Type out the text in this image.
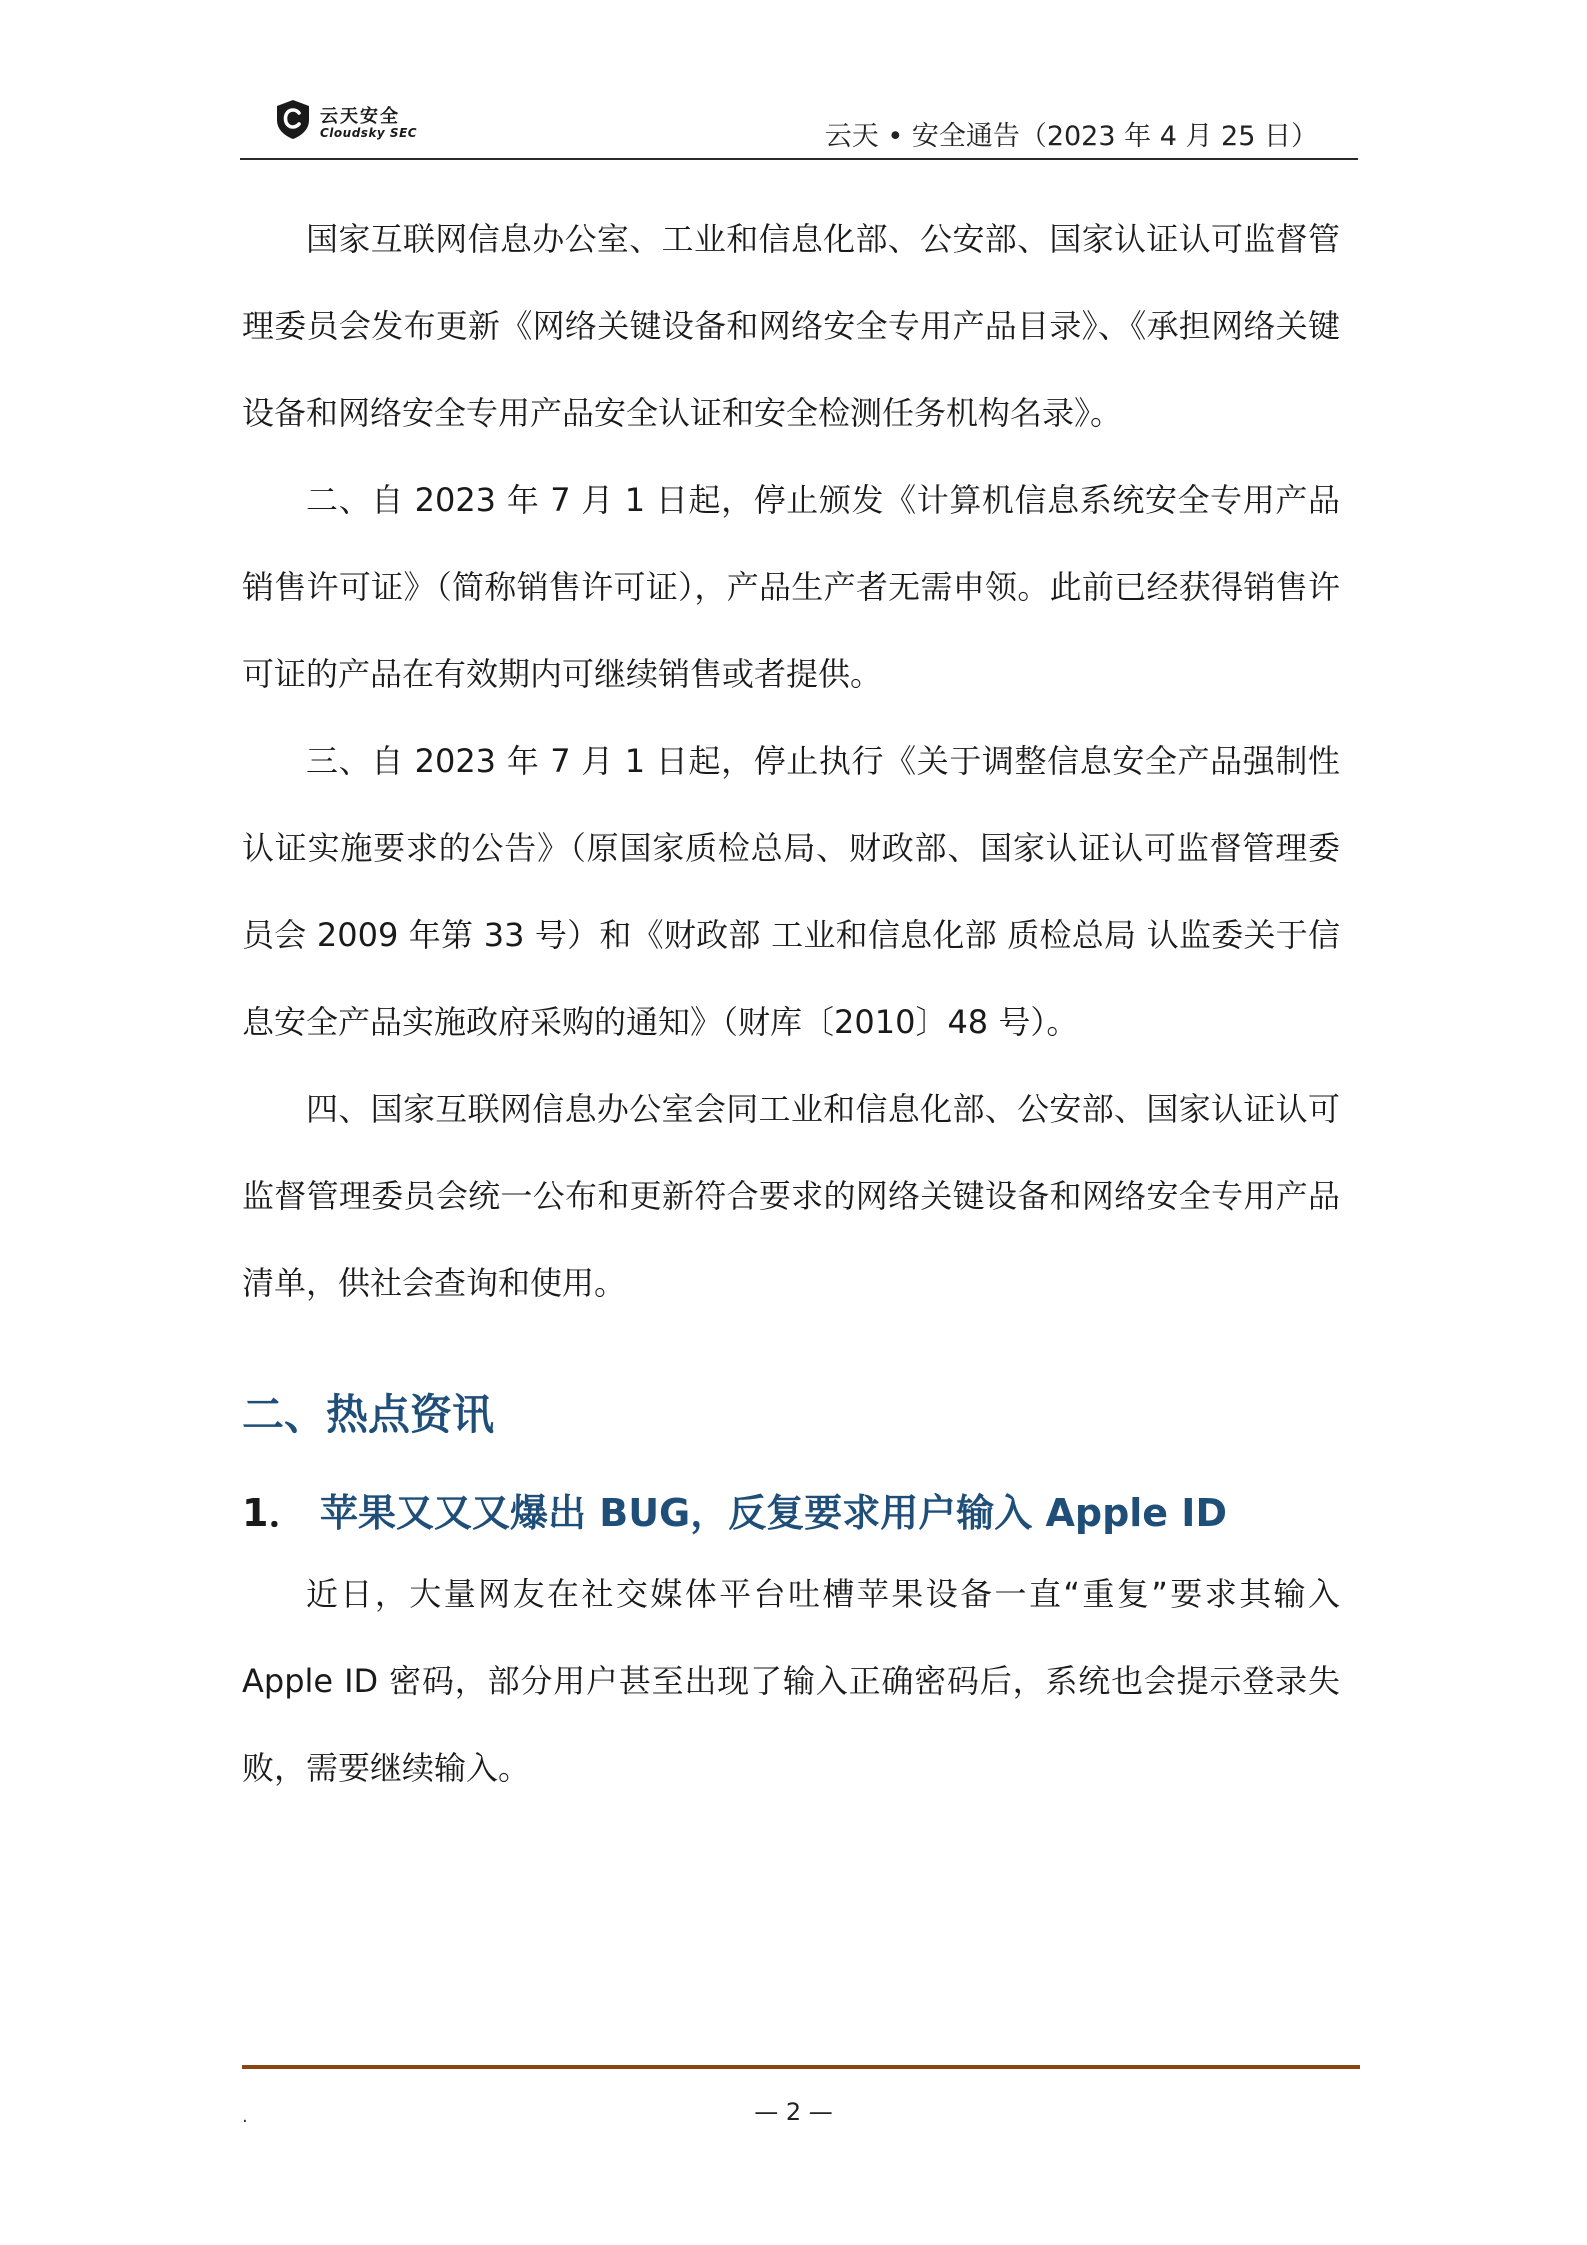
云天安全
Cloudsky SEC	云天 • 安全通告（2023 年 4 月 25 日）

国家互联网信息办公室、工业和信息化部、公安部、国家认证认可监督管理委员会发布更新《网络关键设备和网络安全专用产品目录》、《承担网络关键设备和网络安全专用产品安全认证和安全检测任务机构名录》。

二、自 2023 年 7 月 1 日起，停止颁发《计算机信息系统安全专用产品销售许可证》（简称销售许可证），产品生产者无需申领。此前已经获得销售许可证的产品在有效期内可继续销售或者提供。

三、自 2023 年 7 月 1 日起，停止执行《关于调整信息安全产品强制性认证实施要求的公告》（原国家质检总局、财政部、国家认证认可监督管理委员会 2009 年第 33 号）和《财政部 工业和信息化部 质检总局 认监委关于信息安全产品实施政府采购的通知》（财库〔2010〕48 号）。

四、国家互联网信息办公室会同工业和信息化部、公安部、国家认证认可监督管理委员会统一公布和更新符合要求的网络关键设备和网络安全专用产品清单，供社会查询和使用。

二、热点资讯
1． 苹果又又又爆出 BUG，反复要求用户输入 Apple ID

近日，大量网友在社交媒体平台吐槽苹果设备一直“重复”要求其输入 Apple ID 密码，部分用户甚至出现了输入正确密码后，系统也会提示登录失败，需要继续输入。

.	— 2 —
